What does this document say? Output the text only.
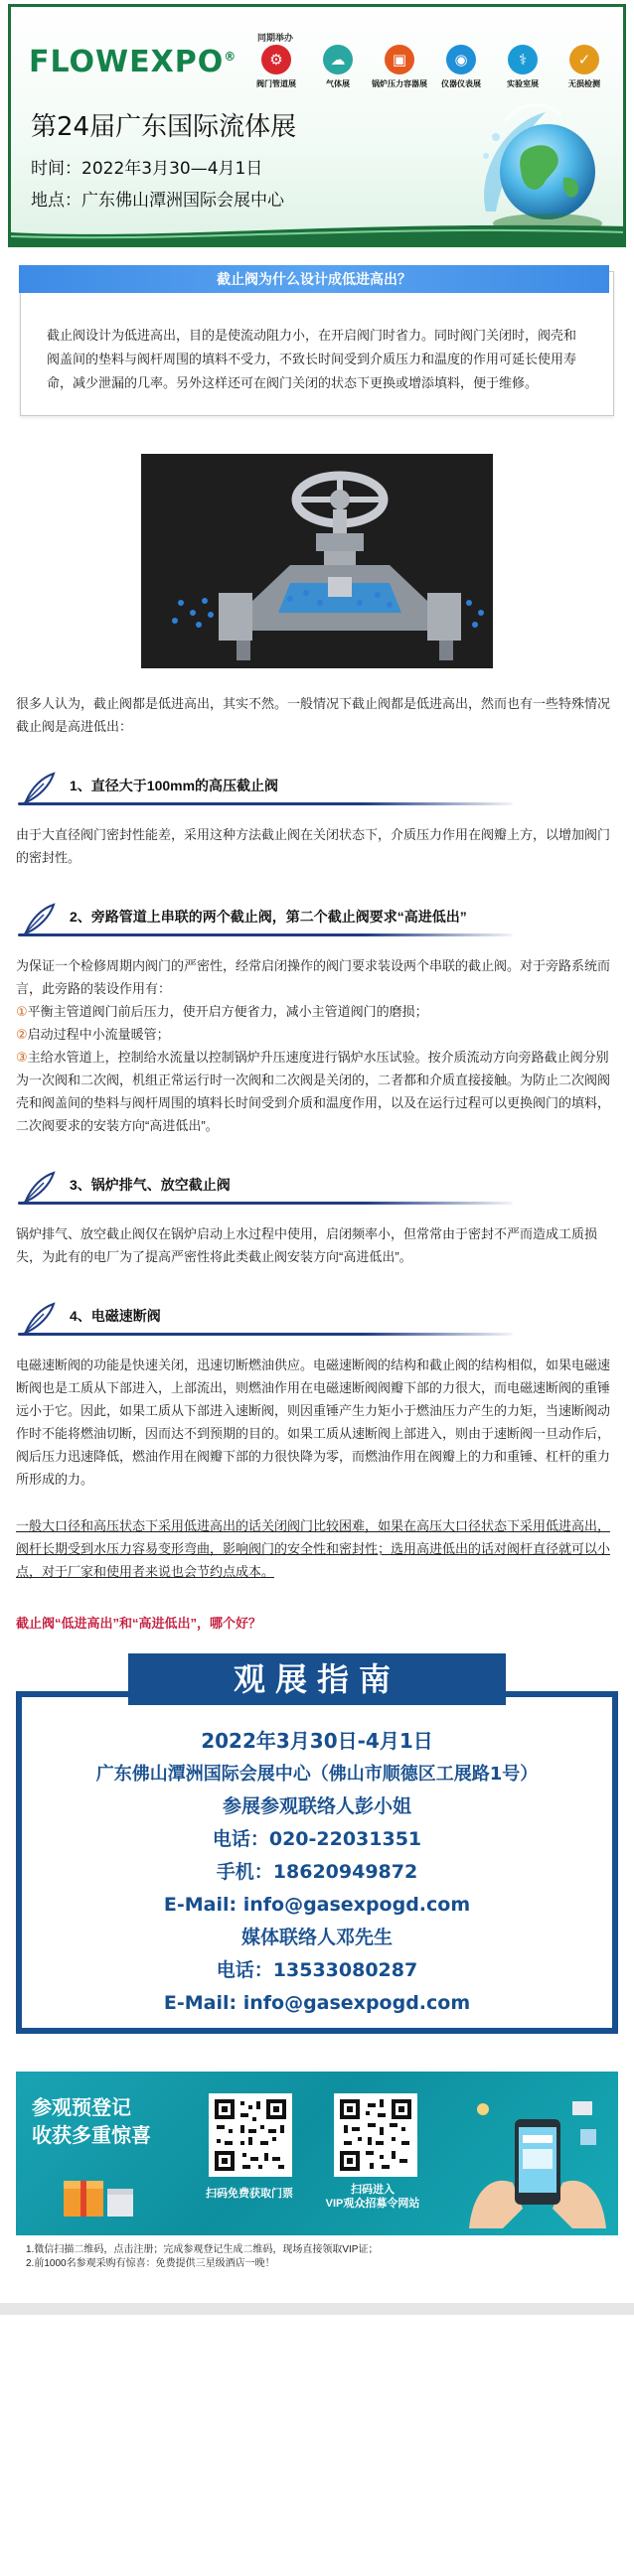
FLOWEXPO®
同期举办
⚙
阀门管道展
☁
气体展
▣
锅炉压力容器展
◉
仪器仪表展
⚕
实验室展
✓
无损检测
第24届广东国际流体展
时间：2022年3月30—4月1日
地点：广东佛山潭洲国际会展中心
截止阀为什么设计成低进高出？
截止阀设计为低进高出，目的是使流动阻力小，在开启阀门时省力。同时阀门关闭时，阀壳和阀盖间的垫料与阀杆周围的填料不受力，不致长时间受到介质压力和温度的作用可延长使用寿命，减少泄漏的几率。另外这样还可在阀门关闭的状态下更换或增添填料，便于维修。
很多人认为，截止阀都是低进高出，其实不然。一般情况下截止阀都是低进高出，然而也有一些特殊情况截止阀是高进低出：
1、直径大于100mm的高压截止阀
由于大直径阀门密封性能差，采用这种方法截止阀在关闭状态下，介质压力作用在阀瓣上方，以增加阀门的密封性。
2、旁路管道上串联的两个截止阀，第二个截止阀要求“高进低出”
为保证一个检修周期内阀门的严密性，经常启闭操作的阀门要求装设两个串联的截止阀。对于旁路系统而言，此旁路的装设作用有：
①平衡主管道阀门前后压力，使开启方便省力，减小主管道阀门的磨损；
②启动过程中小流量暖管；
③主给水管道上，控制给水流量以控制锅炉升压速度进行锅炉水压试验。按介质流动方向旁路截止阀分别为一次阀和二次阀，机组正常运行时一次阀和二次阀是关闭的，二者都和介质直接接触。为防止二次阀阀壳和阀盖间的垫料与阀杆周围的填料长时间受到介质和温度作用，以及在运行过程可以更换阀门的填料，二次阀要求的安装方向“高进低出”。
3、锅炉排气、放空截止阀
锅炉排气、放空截止阀仅在锅炉启动上水过程中使用，启闭频率小，但常常由于密封不严而造成工质损失，为此有的电厂为了提高严密性将此类截止阀安装方向“高进低出”。
4、电磁速断阀
电磁速断阀的功能是快速关闭，迅速切断燃油供应。电磁速断阀的结构和截止阀的结构相似，如果电磁速断阀也是工质从下部进入，上部流出，则燃油作用在电磁速断阀阀瓣下部的力很大，而电磁速断阀的重锤远小于它。因此，如果工质从下部进入速断阀，则因重锤产生力矩小于燃油压力产生的力矩，当速断阀动作时不能将燃油切断，因而达不到预期的目的。如果工质从速断阀上部进入，则由于速断阀一旦动作后，阀后压力迅速降低，燃油作用在阀瓣下部的力很快降为零，而燃油作用在阀瓣上的力和重锤、杠杆的重力所形成的力。
一般大口径和高压状态下采用低进高出的话关闭阀门比较困难，如果在高压大口径状态下采用低进高出，阀杆长期受到水压力容易变形弯曲，影响阀门的安全性和密封性；选用高进低出的话对阀杆直径就可以小点，对于厂家和使用者来说也会节约点成本。
截止阀“低进高出”和“高进低出”，哪个好？
观展指南
2022年3月30日-4月1日
广东佛山潭洲国际会展中心（佛山市顺德区工展路1号）
参展参观联络人彭小姐
电话：020-22031351
手机：18620949872
E-Mail: info@gasexpogd.com
媒体联络人邓先生
电话：13533080287
E-Mail: info@gasexpogd.com
参观预登记
收获多重惊喜
扫码免费获取门票	扫码进入
VIP观众招募令网站
1.微信扫描二维码，点击注册；完成参观登记生成二维码，现场直接领取VIP证；
2.前1000名参观采购有惊喜：免费提供三星级酒店一晚！
